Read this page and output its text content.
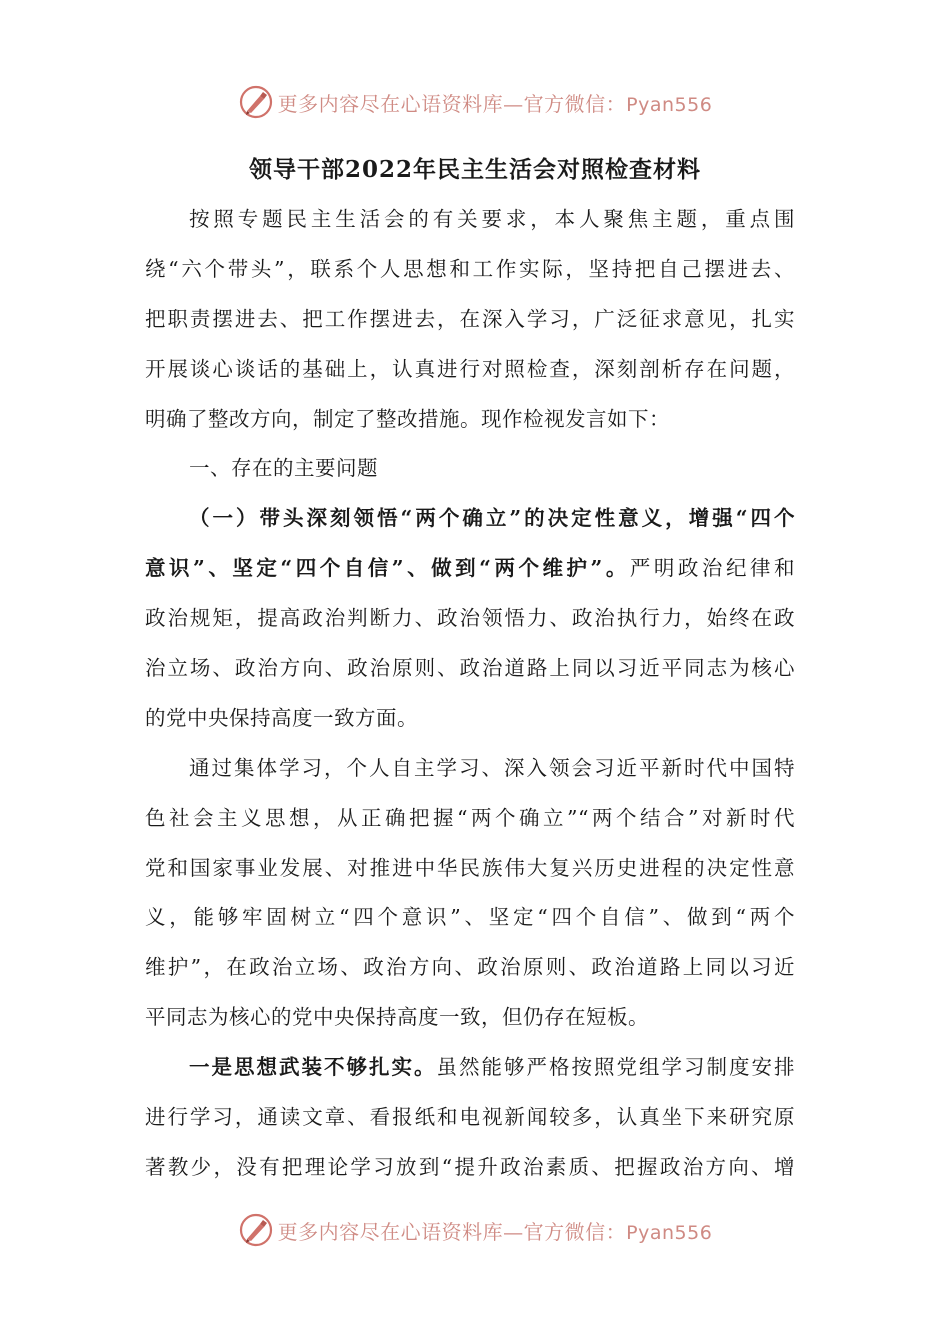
更多内容尽在心语资料库—官方微信：Pyan556
领导干部2022年民主生活会对照检查材料
按照专题民主生活会的有关要求，本人聚焦主题，重点围
绕“六个带头”，联系个人思想和工作实际，坚持把自己摆进去、
把职责摆进去、把工作摆进去，在深入学习，广泛征求意见，扎实
开展谈心谈话的基础上，认真进行对照检查，深刻剖析存在问题，
明确了整改方向，制定了整改措施。现作检视发言如下：
一、存在的主要问题
（一）带头深刻领悟“两个确立”的决定性意义，增强“四个
意识”、坚定“四个自信”、做到“两个维护”。严明政治纪律和
政治规矩，提高政治判断力、政治领悟力、政治执行力，始终在政
治立场、政治方向、政治原则、政治道路上同以习近平同志为核心
的党中央保持高度一致方面。
通过集体学习，个人自主学习、深入领会习近平新时代中国特
色社会主义思想，从正确把握“两个确立”“两个结合”对新时代
党和国家事业发展、对推进中华民族伟大复兴历史进程的决定性意
义，能够牢固树立“四个意识”、坚定“四个自信”、做到“两个
维护”，在政治立场、政治方向、政治原则、政治道路上同以习近
平同志为核心的党中央保持高度一致，但仍存在短板。
一是思想武装不够扎实。虽然能够严格按照党组学习制度安排
进行学习，通读文章、看报纸和电视新闻较多，认真坐下来研究原
著教少，没有把理论学习放到“提升政治素质、把握政治方向、增
更多内容尽在心语资料库—官方微信：Pyan556
